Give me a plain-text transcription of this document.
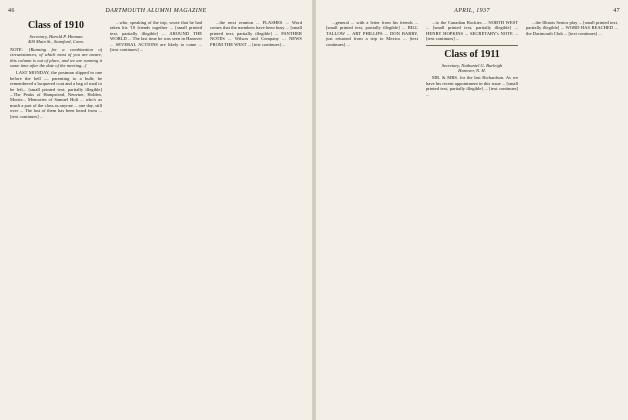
46	DARTMOUTH ALUMNI MAGAZINE
Class of 1910
Secretary, Harold P. Hinman
400 Main St., Stamford, Conn.
NOTE: [Running for a combination of circumstances, of which most of you are aware, this column is out of place, and we are running it some time after the date of the meeting...]

LAST MONDAY, the postman slipped in one before the bell — parenting to a bulb; he remembered a lacquered coat and a bag of mail to be left... [small printed text, partially illegible] ...The Peaks of Hampstead, Neuvine, Holden, Moritz... Memories of Samuel Holt ... who's as much a part of the class as anyone ... one day, still over ... The last of them has been heard from ... [text continues] ...

...who, speaking of the trip, wrote that he had taken his '10 friends together ... [small printed text, partially illegible] ... AROUND THE WORLD ... The last time he was seen in Hanover ... SEVERAL ACTIONS are likely to come ... [text continues] ...

...the next reunion ... FLASHES ... Word comes that the members have been busy ... [small printed text, partially illegible] ... PANTHER NOTES ... Wilson and Company ... NEWS FROM THE WEST ... [text continues] ...

APRIL, 1937	47

...general ... with a letter from his friends ... [small printed text, partially illegible] ... BILL TALLOW ... ART PHILLIPS ... DON BARRY, just returned from a trip to Mexico ... [text continues] ...

...to the Canadian Rockies ... NORTH WEST ... [small printed text, partially illegible] ... HENRY HOPKINS ... SECRETARY's NOTE ... [text continues] ...

Class of 1911
Secretary, Nathaniel G. Burleigh
Hanover, N. H.

MR. & MRS. for the last Richardson. As we have his recent appointment in this issue ... [small printed text, partially illegible] ... [text continues] ...

...the Illinois Senior play ... [small printed text, partially illegible] ... WORD HAS REACHED ... the Dartmouth Club ... [text continues] ...
